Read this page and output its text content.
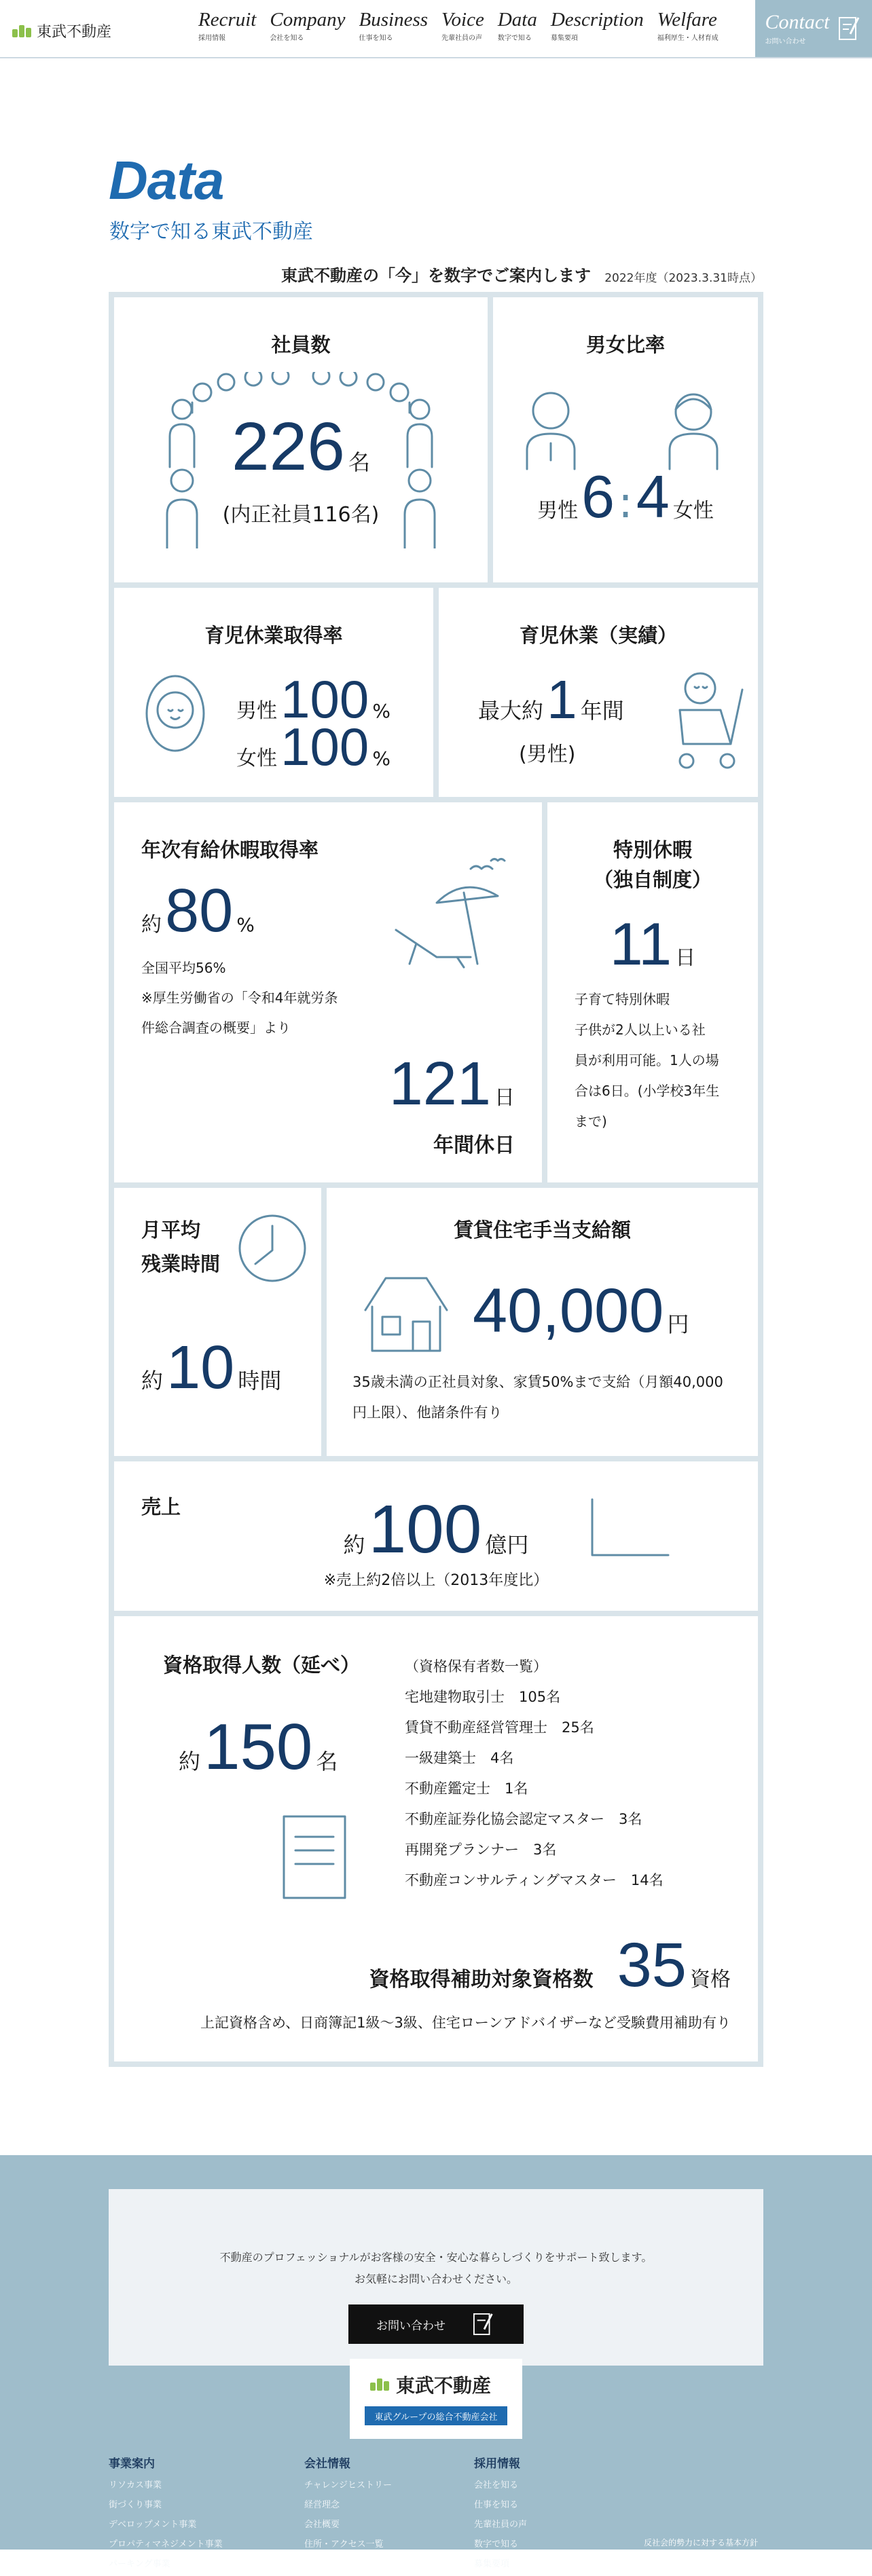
東武不動産
Recruit
採用情報
Company
会社を知る
Business
仕事を知る
Voice
先輩社員の声
Data
数字で知る
Description
募集要項
Welfare
福利厚生・人材育成
Contact
お問い合わせ
Data
数字で知る東武不動産
東武不動産の「今」を数字でご案内します	2022年度（2023.3.31時点）
社員数
226 名
(内正社員116名)
男女比率
男性 6 : 4 女性
育児休業取得率
男性 100 %
女性 100 %
育児休業（実績）
最大約 1 年間
(男性)
年次有給休暇取得率
約 80 %
全国平均56%
※厚生労働省の「令和4年就労条
件総合調査の概要」より
121 日
年間休日
特別休暇
（独自制度）
11 日
子育て特別休暇
子供が2人以上いる社
員が利用可能。1人の場
合は6日。(小学校3年生
まで)
月平均
残業時間
約 10 時間
賃貸住宅手当支給額
40,000 円
35歳未満の正社員対象、家賃50%まで支給（月額40,000
円上限）、他諸条件有り
売上
約 100 億円
※売上約2倍以上（2013年度比）
資格取得人数（延べ）
約 150 名
（資格保有者数一覧）
宅地建物取引士　 105名
賃貸不動産経営管理士　 25名
一級建築士　 4名
不動産鑑定士　 1名
不動産証券化協会認定マスター　 3名
再開発プランナー　 3名
不動産コンサルティングマスター　 14名
資格取得補助対象資格数 35 資格
上記資格含め、日商簿記1級～3級、住宅ローンアドバイザーなど受験費用補助有り
不動産のプロフェッショナルがお客様の安全・安心な暮らしづくりをサポート致します。
お気軽にお問い合わせください。
お問い合わせ
東武不動産
東武グループの総合不動産会社
事業案内
リソカス事業
街づくり事業
デベロップメント事業
プロパティマネジメント事業
パーキング事業
会社情報
チャレンジヒストリー
経営理念
会社概要
住所・アクセス一覧
採用情報
会社を知る
仕事を知る
先輩社員の声
数字で知る
募集要項
反社会的勢力に対する基本方針
